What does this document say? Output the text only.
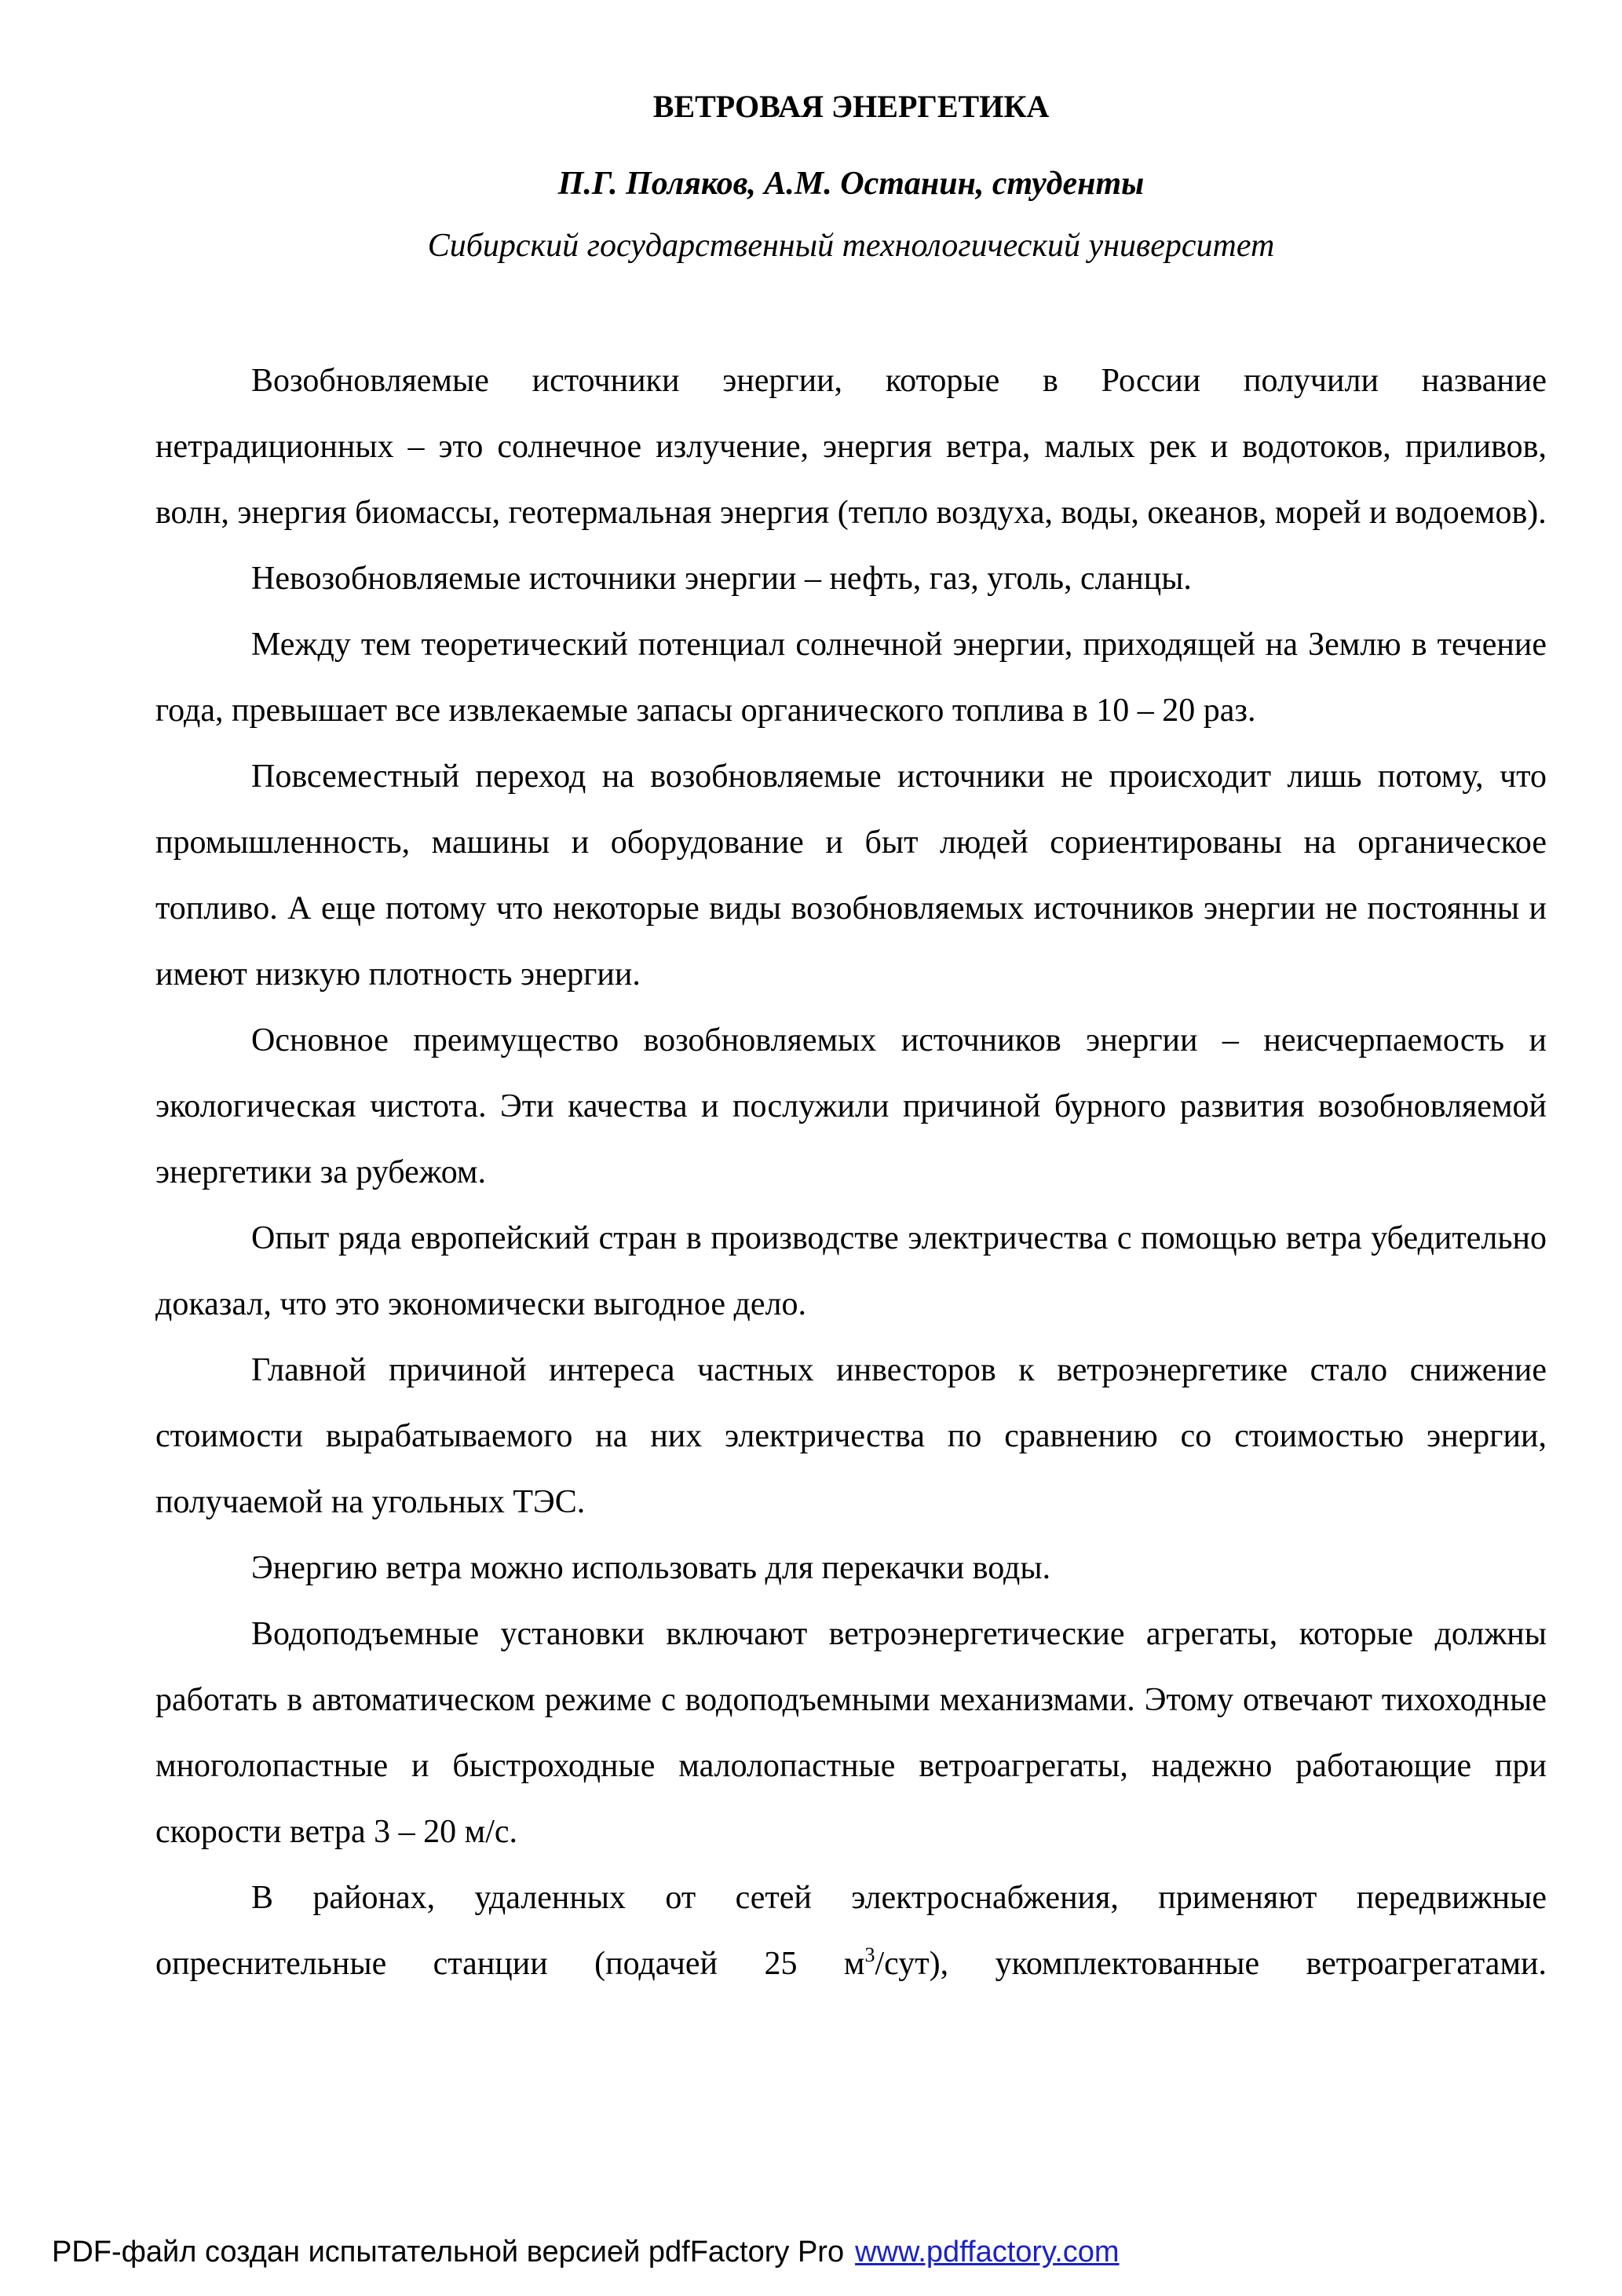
ВЕТРОВАЯ ЭНЕРГЕТИКА
П.Г. Поляков, А.М. Останин, студенты
Сибирский государственный технологический университет

Возобновляемые источники энергии, которые в России получили название нетрадиционных – это солнечное излучение, энергия ветра, малых рек и водотоков, приливов, волн, энергия биомассы, геотермальная энергия (тепло воздуха, воды, океанов, морей и водоемов).

Невозобновляемые источники энергии – нефть, газ, уголь, сланцы.

Между тем теоретический потенциал солнечной энергии, приходящей на Землю в течение года, превышает все извлекаемые запасы органического топлива в 10 – 20 раз.

Повсеместный переход на возобновляемые источники не происходит лишь потому, что промышленность, машины и оборудование и быт людей сориентированы на органическое топливо. А еще потому что некоторые виды возобновляемых источников энергии не постоянны и имеют низкую плотность энергии.

Основное преимущество возобновляемых источников энергии – неисчерпаемость и экологическая чистота. Эти качества и послужили причиной бурного развития возобновляемой энергетики за рубежом.

Опыт ряда европейский стран в производстве электричества с помощью ветра убедительно доказал, что это экономически выгодное дело.

Главной причиной интереса частных инвесторов к ветроэнергетике стало снижение стоимости вырабатываемого на них электричества по сравнению со стоимостью энергии, получаемой на угольных ТЭС.

Энергию ветра можно использовать для перекачки воды.

Водоподъемные установки включают ветроэнергетические агрегаты, которые должны работать в автоматическом режиме с водоподъемными механизмами. Этому отвечают тихоходные многолопастные и быстроходные малолопастные ветроагрегаты, надежно работающие при скорости ветра 3 – 20 м/с.

В районах, удаленных от сетей электроснабжения, применяют передвижные опреснительные станции (подачей 25 $м^3/сут$), укомплектованные ветроагрегатами.

PDF-файл создан испытательной версией pdfFactory Pro www.pdffactory.com
